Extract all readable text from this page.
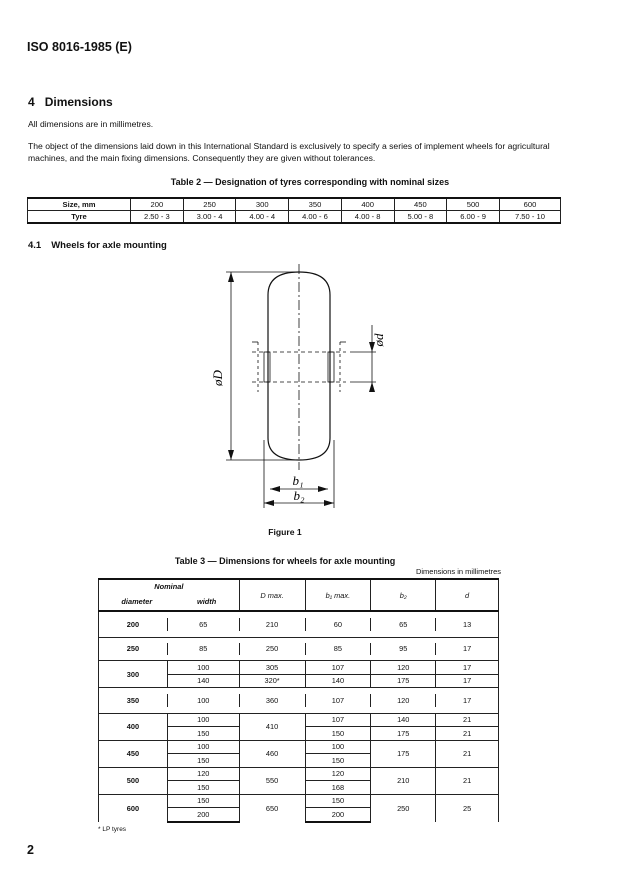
ISO 8016-1985 (E)
4 Dimensions
All dimensions are in millimetres.
The object of the dimensions laid down in this International Standard is exclusively to specify a series of implement wheels for agricultural machines, and the main fixing dimensions. Consequently they are given without tolerances.
Table 2 — Designation of tyres corresponding with nominal sizes
Size, mm	200	250	300	350	400	450	500	600
Tyre	2.50 - 3	3.00 - 4	4.00 - 4	4.00 - 6	4.00 - 8	5.00 - 8	6.00 - 9	7.50 - 10
4.1 Wheels for axle mounting
øD
ød
b₁
b₂
Figure 1
Table 3 — Dimensions for wheels for axle mounting
Dimensions in millimetres
Nominal
diameter width		D max.	b₁ max.	b₂	d

200	65	210	60	65	13

250	85	250	85	95	17

300	100	305	107	120	17
	140	320*	140	175	17

350	100	360	107	120	17

400	100	410	107	140	21
	150		150	175	21
450	100	460	100	175	21
	150		150		
500	120	550	120	210	21
	150		168		
600	150	650	150	250	25
	200		200		
* LP tyres
2
